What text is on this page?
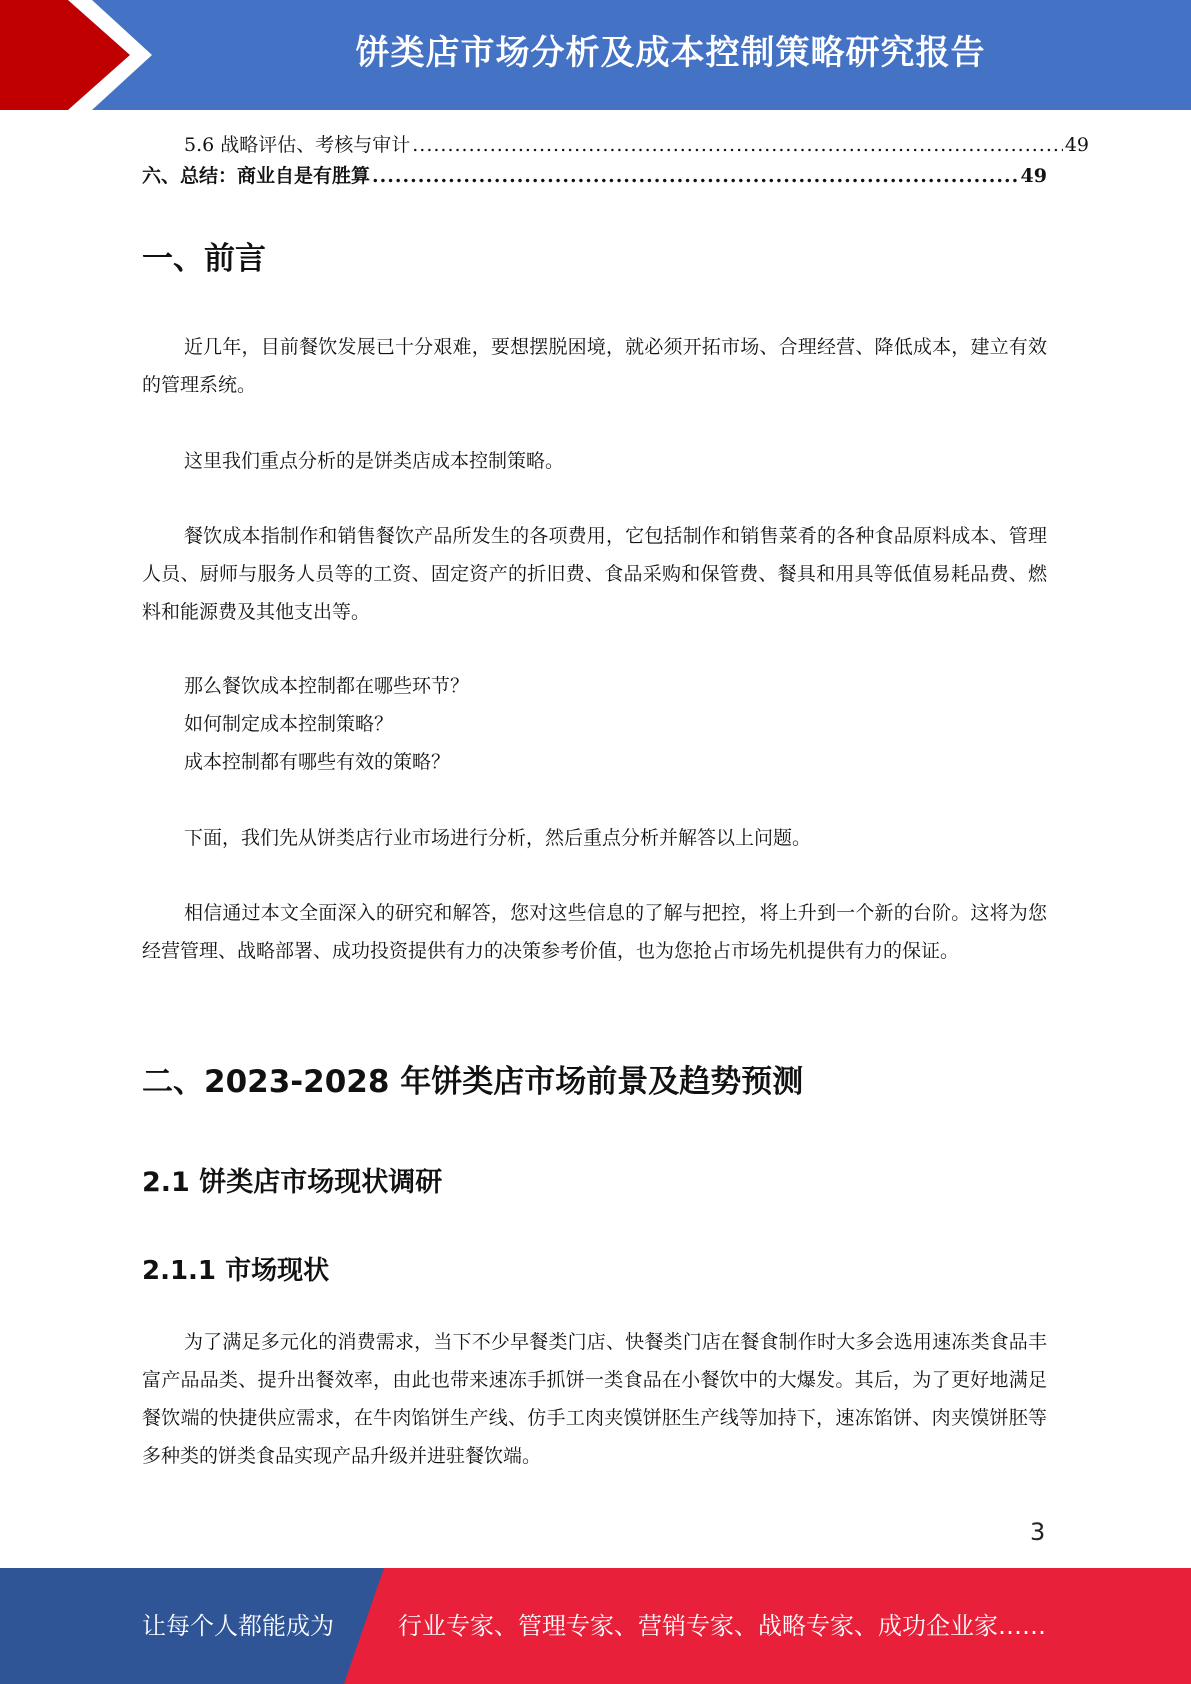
饼类店市场分析及成本控制策略研究报告
5.6 战略评估、考核与审计 .....	49
六、总结：商业自是有胜算 .....	49
一、前言

近几年，目前餐饮发展已十分艰难，要想摆脱困境，就必须开拓市场、合理经营、降低成本，建立有效的管理系统。

这里我们重点分析的是饼类店成本控制策略。

餐饮成本指制作和销售餐饮产品所发生的各项费用，它包括制作和销售菜肴的各种食品原料成本、管理人员、厨师与服务人员等的工资、固定资产的折旧费、食品采购和保管费、餐具和用具等低值易耗品费、燃料和能源费及其他支出等。

那么餐饮成本控制都在哪些环节？
如何制定成本控制策略？
成本控制都有哪些有效的策略？

下面，我们先从饼类店行业市场进行分析，然后重点分析并解答以上问题。

相信通过本文全面深入的研究和解答，您对这些信息的了解与把控，将上升到一个新的台阶。这将为您经营管理、战略部署、成功投资提供有力的决策参考价值，也为您抢占市场先机提供有力的保证。

二、2023-2028 年饼类店市场前景及趋势预测
2.1 饼类店市场现状调研
2.1.1 市场现状

为了满足多元化的消费需求，当下不少早餐类门店、快餐类门店在餐食制作时大多会选用速冻类食品丰富产品品类、提升出餐效率，由此也带来速冻手抓饼一类食品在小餐饮中的大爆发。其后，为了更好地满足餐饮端的快捷供应需求，在牛肉馅饼生产线、仿手工肉夹馍饼胚生产线等加持下，速冻馅饼、肉夹馍饼胚等多种类的饼类食品实现产品升级并进驻餐饮端。

3
让每个人都能成为	行业专家、管理专家、营销专家、战略专家、成功企业家……
